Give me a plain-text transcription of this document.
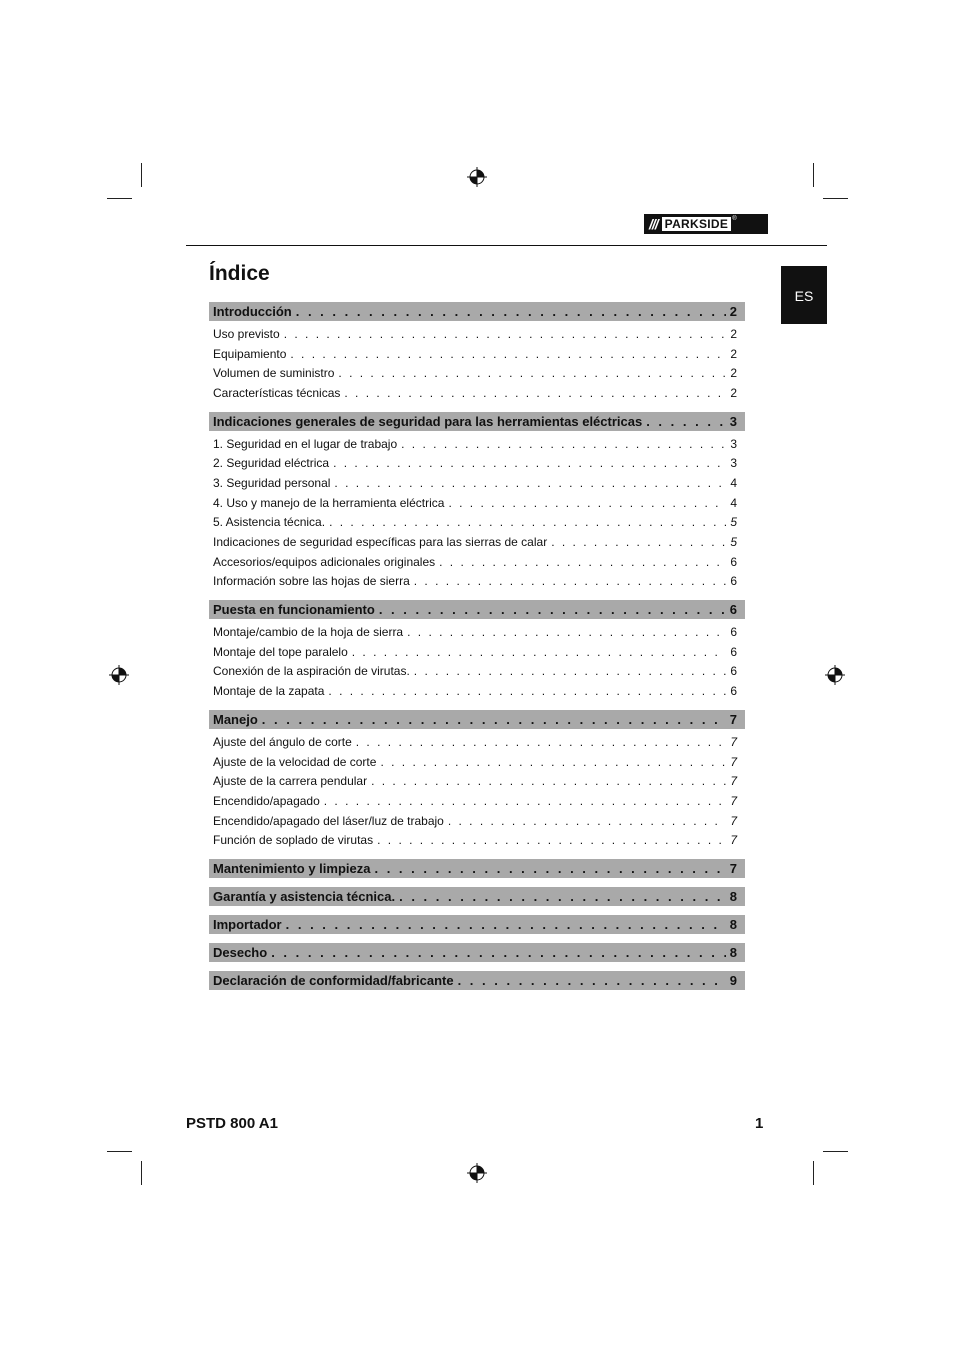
/// PARKSIDE ®
ES
Índice
Introducción . . .	2
Uso previsto . . .	2
Equipamiento . . .	2
Volumen de suministro . . .	2
Características técnicas . . .	2
Indicaciones generales de seguridad para las herramientas eléctricas . . .	3
1. Seguridad en el lugar de trabajo . . .	3
2. Seguridad eléctrica . . .	3
3. Seguridad personal . . .	4
4. Uso y manejo de la herramienta eléctrica . . .	4
5. Asistencia técnica. . . .	5
Indicaciones de seguridad específicas para las sierras de calar . . .	5
Accesorios/equipos adicionales originales . . .	6
Información sobre las hojas de sierra . . .	6
Puesta en funcionamiento . . .	6
Montaje/cambio de la hoja de sierra . . .	6
Montaje del tope paralelo . . .	6
Conexión de la aspiración de virutas. . . .	6
Montaje de la zapata . . .	6
Manejo . . .	7
Ajuste del ángulo de corte . . .	7
Ajuste de la velocidad de corte . . .	7
Ajuste de la carrera pendular . . .	7
Encendido/apagado . . .	7
Encendido/apagado del láser/luz de trabajo . . .	7
Función de soplado de virutas . . .	7
Mantenimiento y limpieza . . .	7
Garantía y asistencia técnica. . . .	8
Importador . . .	8
Desecho . . .	8
Declaración de conformidad/fabricante . . .	9
PSTD 800 A1	1
